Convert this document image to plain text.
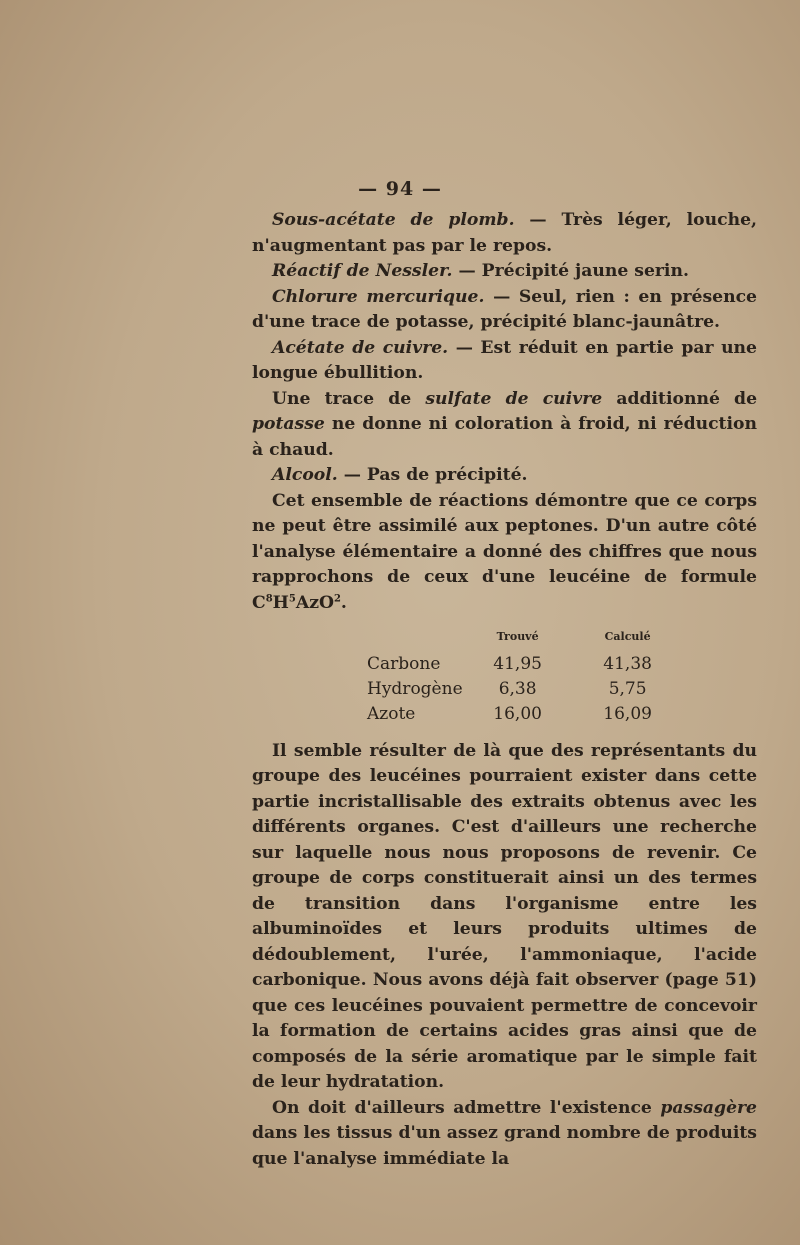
— 94 —

Sous-acétate de plomb. — Très léger, louche, n'augmentant pas par le repos.

Réactif de Nessler. — Précipité jaune serin.

Chlorure mercurique. — Seul, rien : en présence d'une trace de potasse, précipité blanc-jaunâtre.

Acétate de cuivre. — Est réduit en partie par une longue ébullition.

Une trace de sulfate de cuivre additionné de potasse ne donne ni coloration à froid, ni réduction à chaud.

Alcool. — Pas de précipité.

Cet ensemble de réactions démontre que ce corps ne peut être assimilé aux peptones. D'un autre côté l'analyse élémentaire a donné des chiffres que nous rapprochons de ceux d'une leucéine de formule $C^8H^5AzO^2$.

	Trouvé	Calculé
Carbone	41,95	41,38
Hydrogène	6,38	5,75
Azote	16,00	16,09

Il semble résulter de là que des représentants du groupe des leucéines pourraient exister dans cette partie incristallisable des extraits obtenus avec les différents organes. C'est d'ailleurs une recherche sur laquelle nous nous proposons de revenir. Ce groupe de corps constituerait ainsi un des termes de transition dans l'organisme entre les albuminoïdes et leurs produits ultimes de dédoublement, l'urée, l'ammoniaque, l'acide carbonique. Nous avons déjà fait observer (page 51) que ces leucéines pouvaient permettre de concevoir la formation de certains acides gras ainsi que de composés de la série aromatique par le simple fait de leur hydratation.

On doit d'ailleurs admettre l'existence passagère dans les tissus d'un assez grand nombre de produits que l'analyse immédiate la
